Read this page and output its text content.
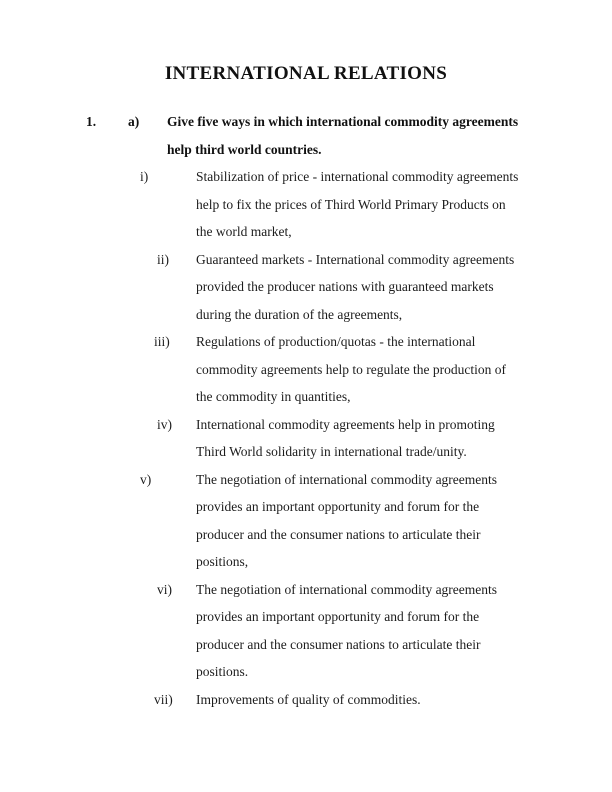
INTERNATIONAL RELATIONS
1. a) Give five ways in which international commodity agreements help third world countries.
i)	Stabilization of price - international commodity agreements help to fix the prices of Third World Primary Products on the world market,
ii)	Guaranteed markets - International commodity agreements provided the producer nations with guaranteed markets during the duration of the agreements,
iii)	Regulations of production/quotas - the international commodity agreements help to regulate the production of the commodity in quantities,
iv)	International commodity agreements help in promoting Third World solidarity in international trade/unity.
v)	The negotiation of international commodity agreements provides an important opportunity and forum for the producer and the consumer nations to articulate their positions,
vi)	The negotiation of international commodity agreements provides an important opportunity and forum for the producer and the consumer nations to articulate their positions.
vii)	Improvements of quality of commodities.
